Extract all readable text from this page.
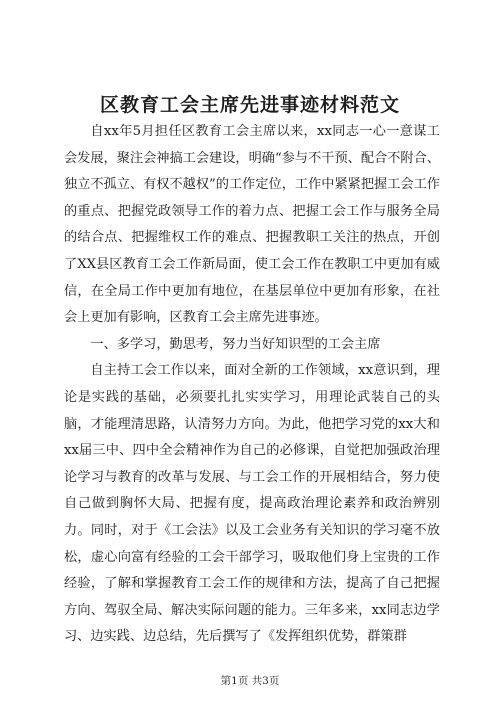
区教育工会主席先进事迹材料范文

自xx年5月担任区教育工会主席以来，xx同志一心一意谋工会发展，聚注会神搞工会建设，明确“参与不干预、配合不附合、独立不孤立、有权不越权”的工作定位，工作中紧紧把握工会工作的重点、把握党政领导工作的着力点、把握工会工作与服务全局的结合点、把握维权工作的难点、把握教职工关注的热点，开创了XX县区教育工会工作新局面，使工会工作在教职工中更加有威信，在全局工作中更加有地位，在基层单位中更加有形象，在社会上更加有影响，区教育工会主席先进事迹。

一、多学习，勤思考，努力当好知识型的工会主席

自主持工会工作以来，面对全新的工作领域，xx意识到，理论是实践的基础，必须要扎扎实实学习，用理论武装自己的头脑，才能理清思路，认清努力方向。为此，他把学习党的xx大和xx届三中、四中全会精神作为自己的必修课，自觉把加强政治理论学习与教育的改革与发展、与工会工作的开展相结合，努力使自己做到胸怀大局、把握有度，提高政治理论素养和政治辨别力。同时，对于《工会法》以及工会业务有关知识的学习毫不放松，虚心向富有经验的工会干部学习，吸取他们身上宝贵的工作经验，了解和掌握教育工会工作的规律和方法，提高了自己把握方向、驾驭全局、解决实际问题的能力。三年多来，xx同志边学习、边实践、边总结，先后撰写了《发挥组织优势，群策群

第1页 共3页
